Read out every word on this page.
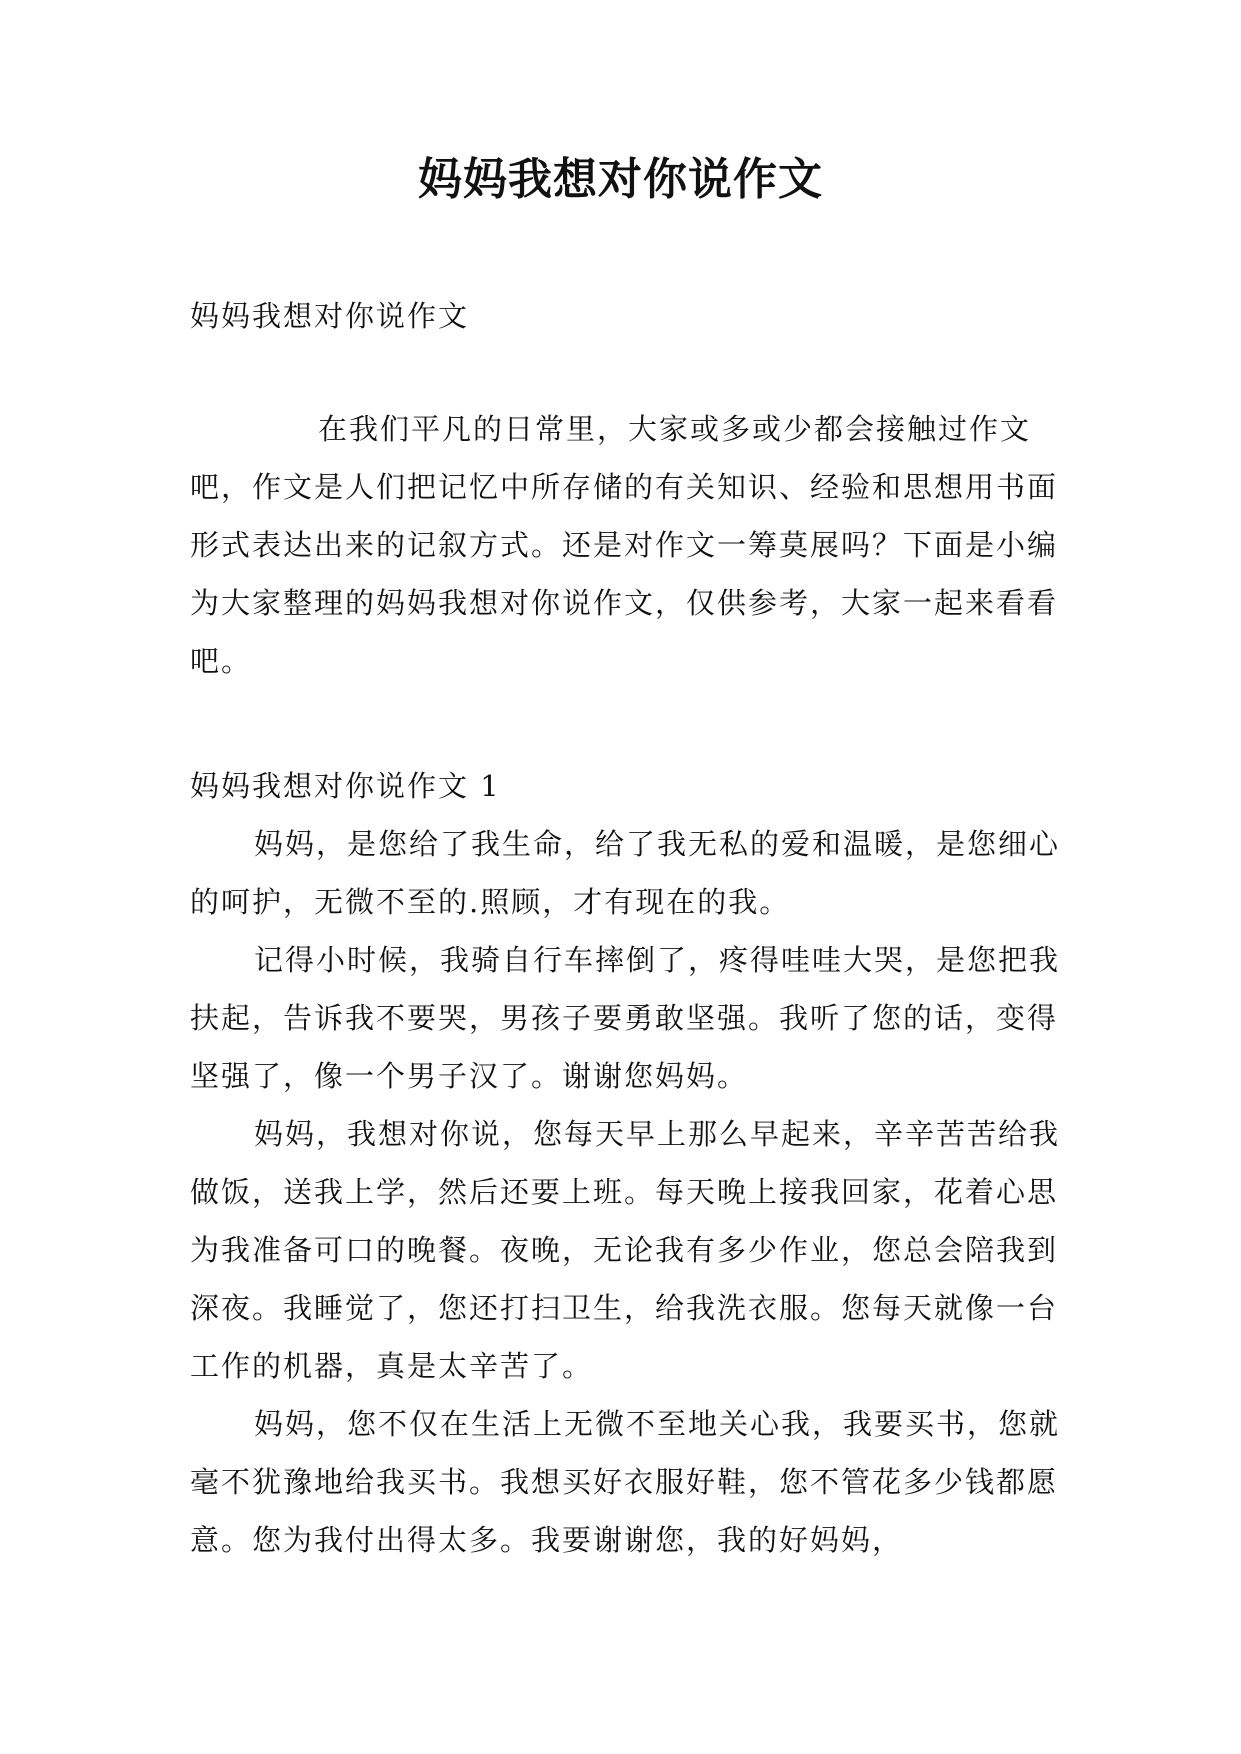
妈妈我想对你说作文
妈妈我想对你说作文
在我们平凡的日常里，大家或多或少都会接触过作文吧，作文是人们把记忆中所存储的有关知识、经验和思想用书面形式表达出来的记叙方式。还是对作文一筹莫展吗？下面是小编为大家整理的妈妈我想对你说作文，仅供参考，大家一起来看看吧。
妈妈我想对你说作文 1

妈妈，是您给了我生命，给了我无私的爱和温暖，是您细心的呵护，无微不至的.照顾，才有现在的我。

记得小时候，我骑自行车摔倒了，疼得哇哇大哭，是您把我扶起，告诉我不要哭，男孩子要勇敢坚强。我听了您的话，变得坚强了，像一个男子汉了。谢谢您妈妈。

妈妈，我想对你说，您每天早上那么早起来，辛辛苦苦给我做饭，送我上学，然后还要上班。每天晚上接我回家，花着心思为我准备可口的晚餐。夜晚，无论我有多少作业，您总会陪我到深夜。我睡觉了，您还打扫卫生，给我洗衣服。您每天就像一台工作的机器，真是太辛苦了。

妈妈，您不仅在生活上无微不至地关心我，我要买书，您就毫不犹豫地给我买书。我想买好衣服好鞋，您不管花多少钱都愿意。您为我付出得太多。我要谢谢您，我的好妈妈，
